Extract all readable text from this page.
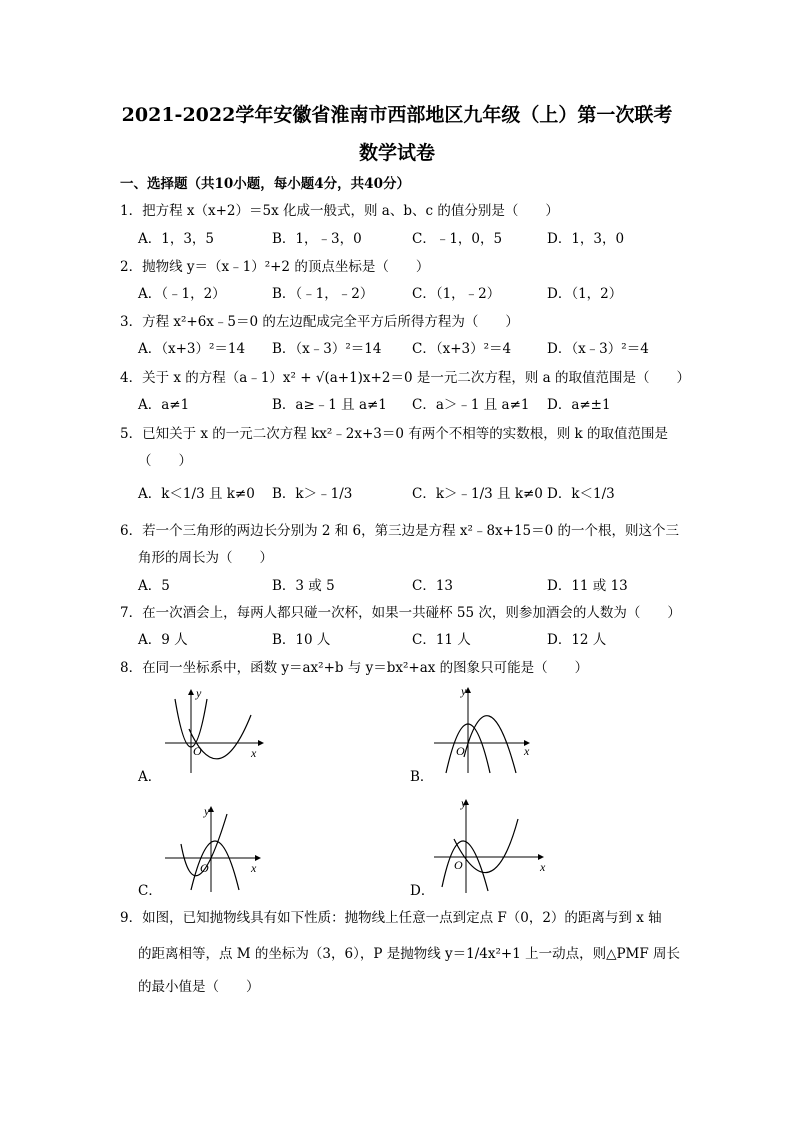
2021-2022学年安徽省淮南市西部地区九年级（上）第一次联考
数学试卷
一、选择题（共10小题，每小题4分，共40分）
1．把方程 x（x+2）＝5x 化成一般式，则 a、b、c 的值分别是（　　）
A．1，3，5	B．1，﹣3，0	C．﹣1，0，5	D．1，3，0
2．抛物线 y＝（x﹣1）²+2 的顶点坐标是（　　）
A．（﹣1，2）	B．（﹣1，﹣2）	C．（1，﹣2）	D．（1，2）
3．方程 x²+6x﹣5＝0 的左边配成完全平方后所得方程为（　　）
A．（x+3）²＝14 B．（x﹣3）²＝14 C．（x+3）²＝4	D．（x﹣3）²＝4
4．关于 x 的方程（a﹣1）x² + √(a+1)x+2＝0 是一元二次方程，则 a 的取值范围是（　　）
A．a≠1	B．a≥﹣1 且 a≠1 C．a＞﹣1 且 a≠1 D．a≠±1
5．已知关于 x 的一元二次方程 kx²﹣2x+3＝0 有两个不相等的实数根，则 k 的取值范围是
（　　）
A．k＜1/3 且 k≠0 B．k＞﹣1/3	C．k＞﹣1/3 且 k≠0 D．k＜1/3
6．若一个三角形的两边长分别为 2 和 6，第三边是方程 x²﹣8x+15＝0 的一个根，则这个三
角形的周长为（　　）
A．5	B．3 或 5	C．13	D．11 或 13
7．在一次酒会上，每两人都只碰一次杯，如果一共碰杯 55 次，则参加酒会的人数为（　　）
A．9 人	B．10 人	C．11 人	D．12 人
8．在同一坐标系中，函数 y＝ax²+b 与 y＝bx²+ax 的图象只可能是（　　）
y
x
O
A．
y
x
O
B．
y
x
O
C．
y
x
O
D．
9．如图，已知抛物线具有如下性质：抛物线上任意一点到定点 F（0，2）的距离与到 x 轴
的距离相等，点 M 的坐标为（3，6），P 是抛物线 y＝1/4x²+1 上一动点，则△PMF 周长
的最小值是（　　）
